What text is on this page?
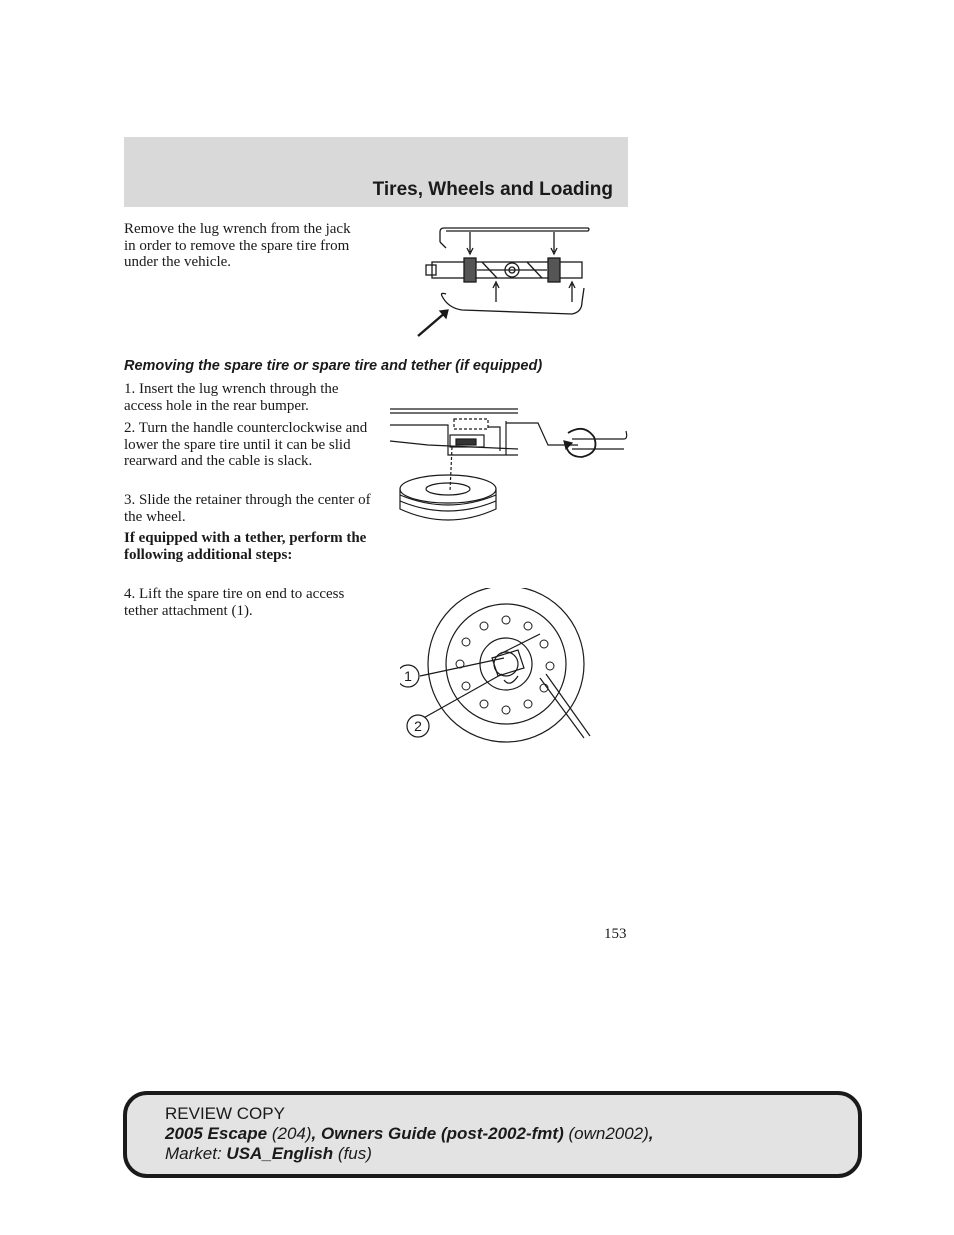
Tires, Wheels and Loading

Remove the lug wrench from the jack in order to remove the spare tire from under the vehicle.

Removing the spare tire or spare tire and tether (if equipped)

1. Insert the lug wrench through the access hole in the rear bumper.

2. Turn the handle counterclockwise and lower the spare tire until it can be slid rearward and the cable is slack.

3. Slide the retainer through the center of the wheel.

If equipped with a tether, perform the following additional steps:

4. Lift the spare tire on end to access tether attachment (1).

1
2

153

REVIEW COPY
2005 Escape (204), Owners Guide (post-2002-fmt) (own2002),
Market: USA_English (fus)
